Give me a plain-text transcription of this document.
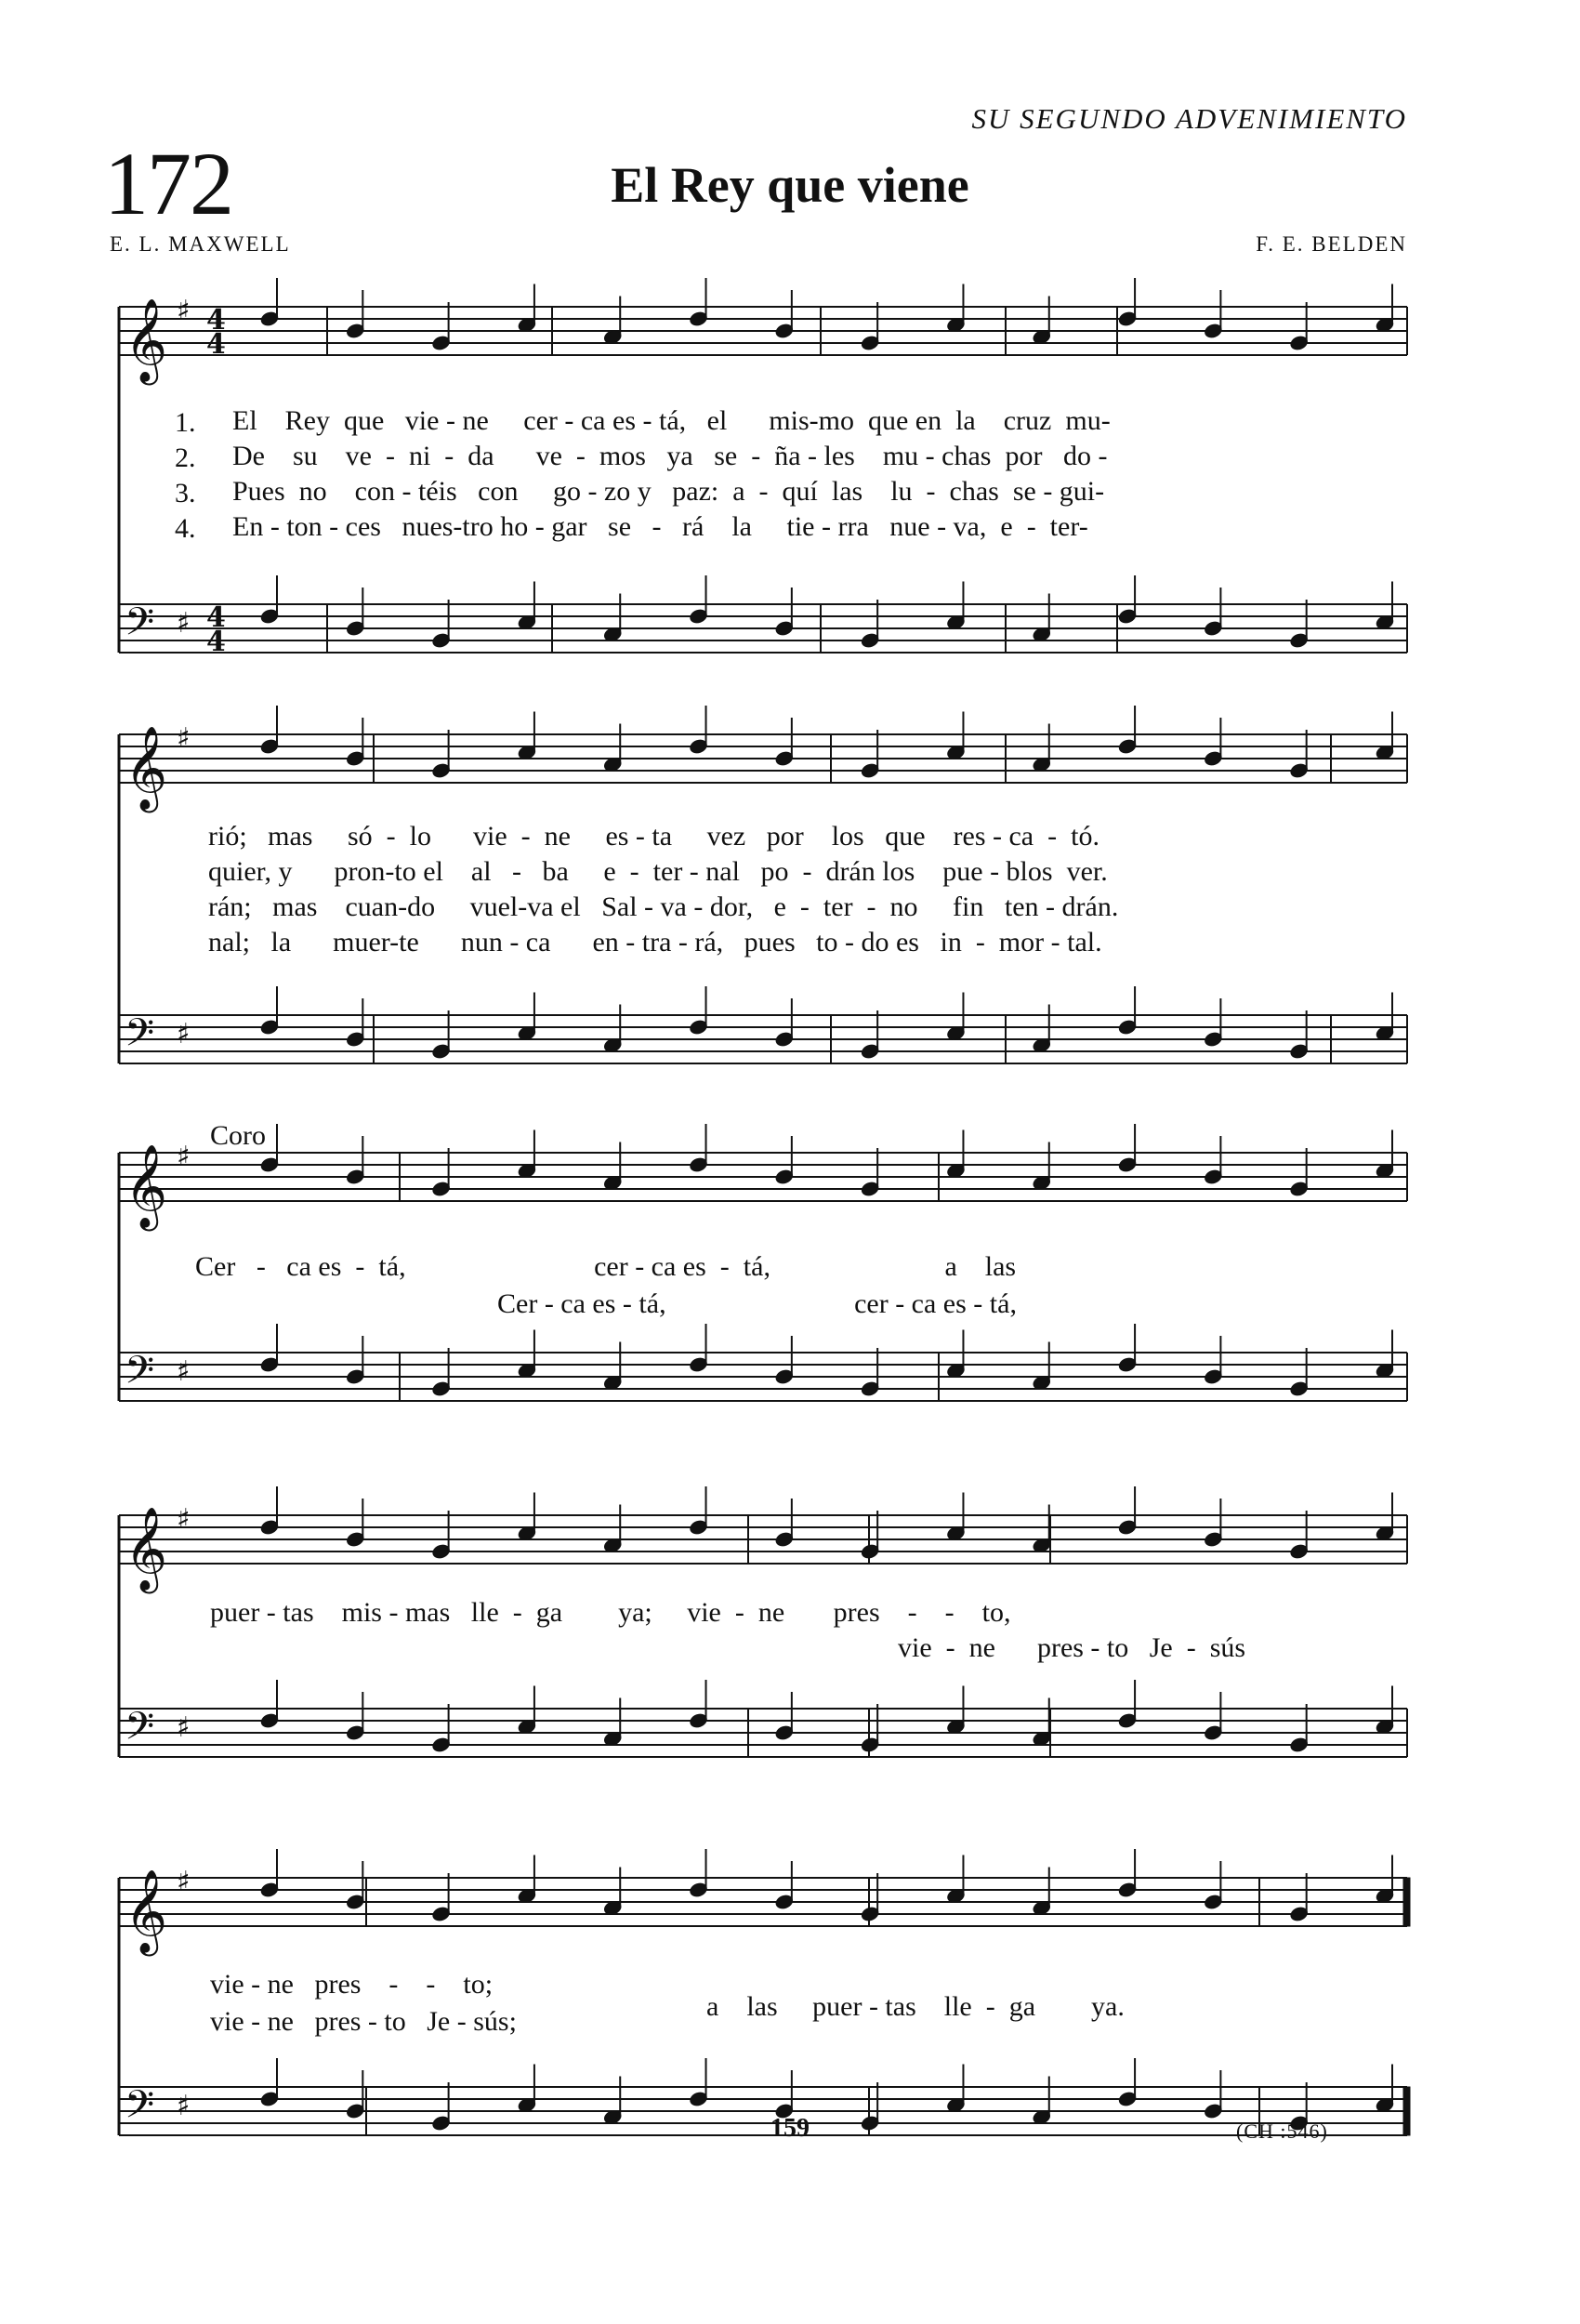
SU SEGUNDO ADVENIMIENTO
172	El Rey que viene
E. L. MAXWELL	F. E. BELDEN
𝄞 ♯
𝄢 ♯
𝄞 ♯
𝄢 ♯
𝄞 ♯
𝄢 ♯
𝄞 ♯
𝄢 ♯
𝄞 ♯
𝄢 ♯
4
4
4
4
1. El    Rey  que   vie - ne     cer - ca es - tá,   el      mis-mo  que en  la    cruz  mu-
2. De    su    ve  -  ni  -  da      ve  -  mos   ya   se  -  ña - les    mu - chas  por   do -
3. Pues  no    con - téis   con     go - zo y   paz:  a  -  quí  las    lu  -  chas  se - gui-
4. En - ton - ces   nues-tro ho - gar   se   -   rá    la     tie - rra   nue - va,  e  -  ter-
rió;   mas     só  -  lo      vie  -  ne     es - ta     vez   por    los   que    res - ca  -  tó.
quier, y      pron-to el    al   -   ba     e  -  ter - nal   po  -  drán los    pue - blos  ver.
rán;   mas    cuan-do     vuel-va el   Sal - va - dor,   e  -  ter  -  no     fin   ten - drán.
nal;   la      muer-te      nun - ca      en - tra - rá,   pues   to - do es   in  -  mor - tal.
Coro
Cer   -   ca es  -  tá,                           cer - ca es  -  tá,                         a    las
Cer - ca es - tá,                           cer - ca es - tá,
puer - tas    mis - mas   lle  -  ga        ya;     vie  -  ne       pres    -    -    to,
vie  -  ne      pres - to   Je  -  sús
vie - ne   pres    -    -    to;
a    las     puer - tas    lle  -  ga        ya.
vie - ne   pres - to   Je - sús;
159	(CH :546)
